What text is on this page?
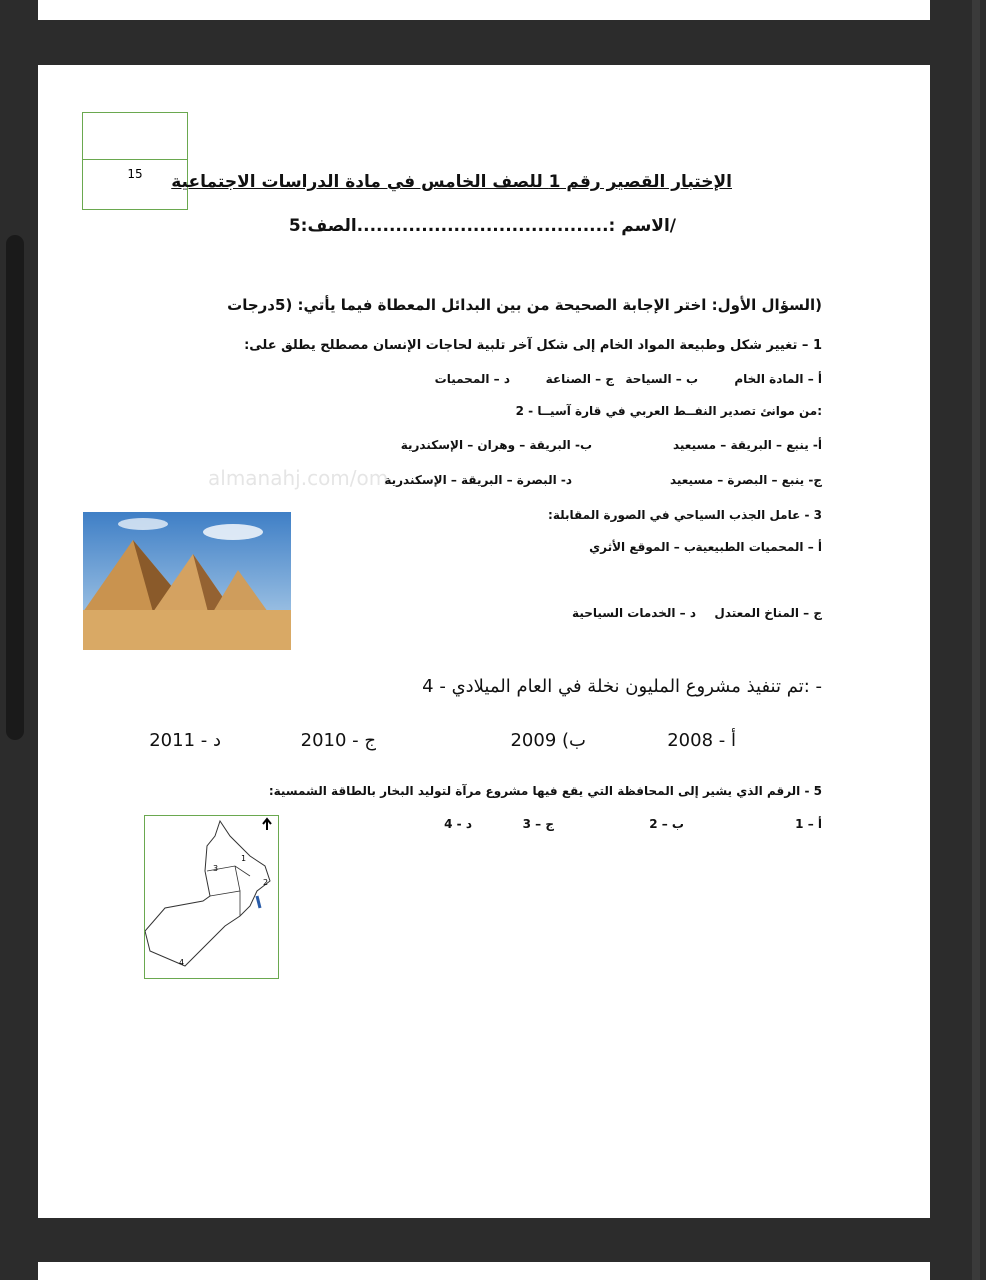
15	الإختبار القصير رقم 1 للصف الخامس في مادة الدراسات الاجتماعية
/الاسم :.......................................الصف:5
(السؤال الأول: اختر الإجابة الصحيحة من بين البدائل المعطاة فيما يأتي: (5درجات
1 – تغيير شكل وطبيعة المواد الخام إلى شكل آخر تلبية لحاجات الإنسان مصطلح يطلق على:
أ – المادة الخام
ب – السياحة
ج – الصناعة
د – المحميات
almanahj.com/om
:من موانئ تصدير النفــط العربي في قارة آسيــا - 2
أ- ينبع – البريقة – مسيعيد
ب- البريقة – وهران – الإسكندرية
ج- ينبع – البصرة – مسيعيد
د- البصرة – البريقة – الإسكندرية
3 - عامل الجذب السياحي في الصورة المقابلة:
أ – المحميات الطبيعية
ب – الموقع الأثري
ج – المناخ المعتدل
د – الخدمات السياحية
- :تم تنفيذ مشروع المليون نخلة في العام الميلادي - 4
أ - 2008
ب) 2009
ج - 2010
د - 2011
5 - الرقم الذي يشير إلى المحافظة التي يقع فيها مشروع مرآة لتوليد البخار بالطاقة الشمسية:
أ – 1
ب – 2
ج – 3
د - 4
1
2
3
4
